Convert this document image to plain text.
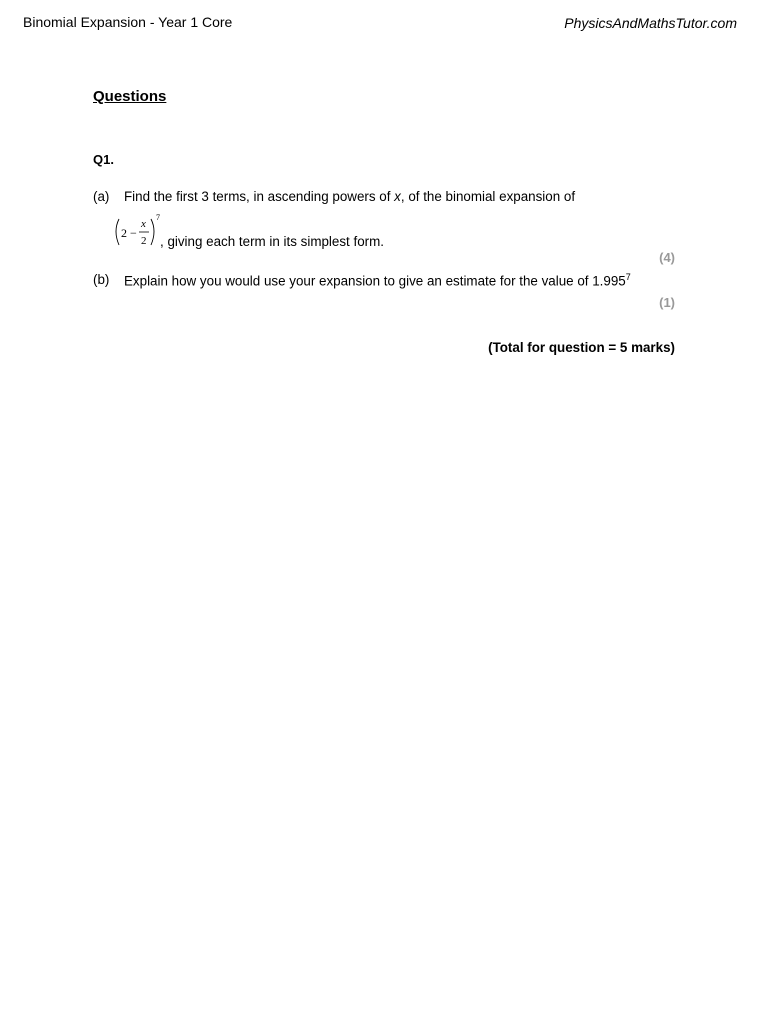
Binomial Expansion - Year 1 Core	PhysicsAndMathsTutor.com
Questions
Q1.
(a) Find the first 3 terms, in ascending powers of x, of the binomial expansion of
2 −
x
2
7
, giving each term in its simplest form.
(4)
(b) Explain how you would use your expansion to give an estimate for the value of 1.995$^7$
(1)
(Total for question = 5 marks)
